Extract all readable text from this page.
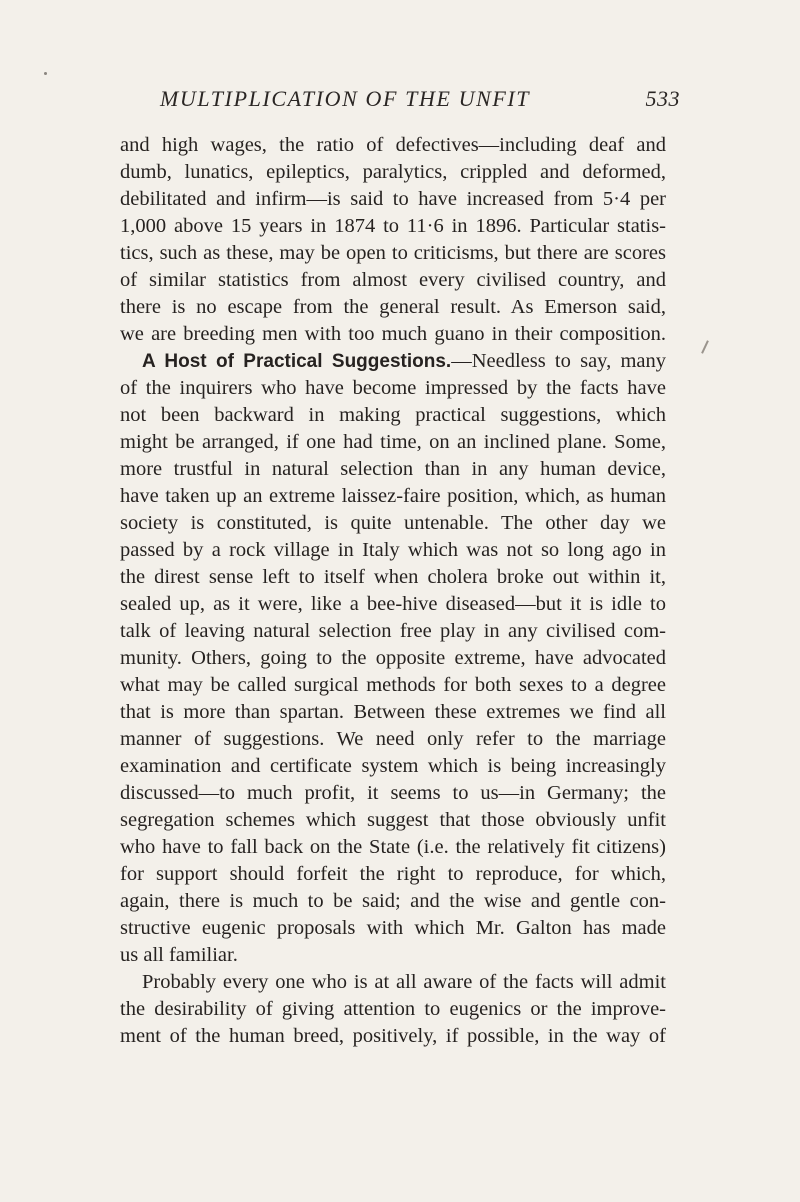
MULTIPLICATION OF THE UNFIT	533
and high wages, the ratio of defectives—including deaf and
dumb, lunatics, epileptics, paralytics, crippled and deformed,
debilitated and infirm—is said to have increased from 5·4 per
1,000 above 15 years in 1874 to 11·6 in 1896. Particular statis-
tics, such as these, may be open to criticisms, but there are scores
of similar statistics from almost every civilised country, and
there is no escape from the general result. As Emerson said,
we are breeding men with too much guano in their composition.
A Host of Practical Suggestions.—Needless to say, many
of the inquirers who have become impressed by the facts have
not been backward in making practical suggestions, which
might be arranged, if one had time, on an inclined plane. Some,
more trustful in natural selection than in any human device,
have taken up an extreme laissez-faire position, which, as human
society is constituted, is quite untenable. The other day we
passed by a rock village in Italy which was not so long ago in
the direst sense left to itself when cholera broke out within it,
sealed up, as it were, like a bee-hive diseased—but it is idle to
talk of leaving natural selection free play in any civilised com-
munity. Others, going to the opposite extreme, have advocated
what may be called surgical methods for both sexes to a degree
that is more than spartan. Between these extremes we find all
manner of suggestions. We need only refer to the marriage
examination and certificate system which is being increasingly
discussed—to much profit, it seems to us—in Germany; the
segregation schemes which suggest that those obviously unfit
who have to fall back on the State (i.e. the relatively fit citizens)
for support should forfeit the right to reproduce, for which,
again, there is much to be said; and the wise and gentle con-
structive eugenic proposals with which Mr. Galton has made
us all familiar.
Probably every one who is at all aware of the facts will admit
the desirability of giving attention to eugenics or the improve-
ment of the human breed, positively, if possible, in the way of
